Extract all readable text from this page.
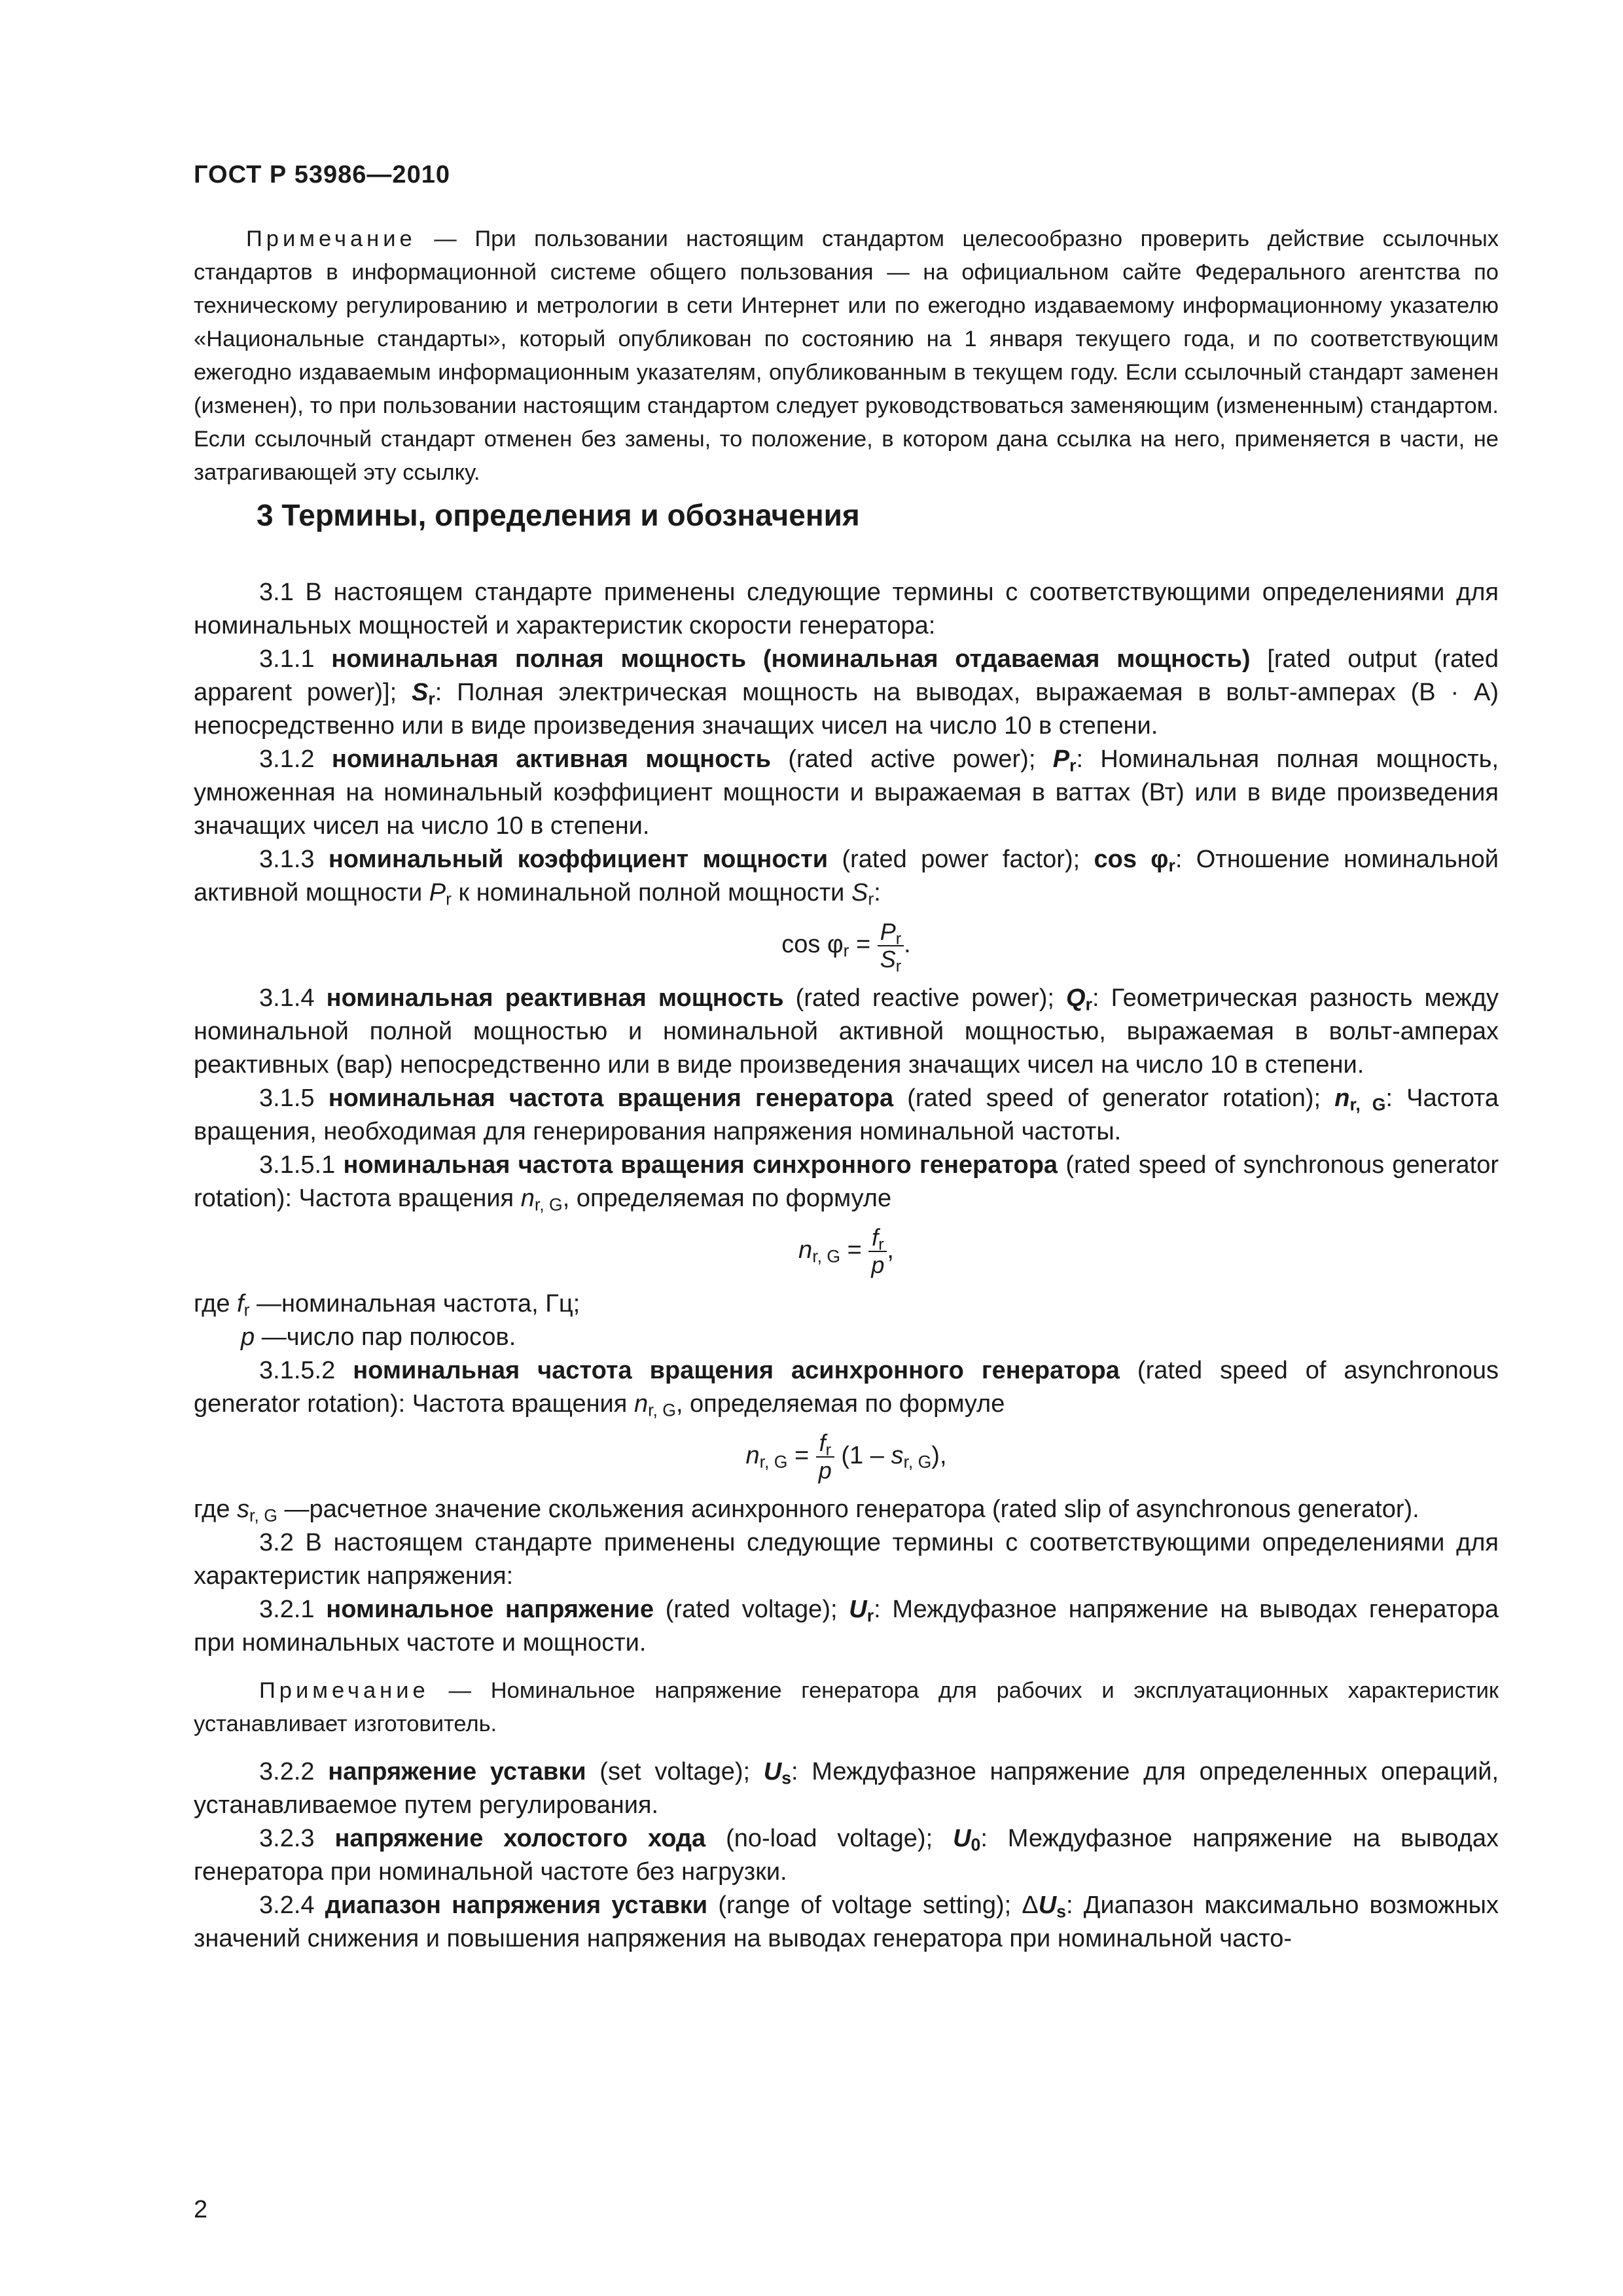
ГОСТ Р 53986—2010
Примечание — При пользовании настоящим стандартом целесообразно проверить действие ссылочных стандартов в информационной системе общего пользования — на официальном сайте Федерального агентства по техническому регулированию и метрологии в сети Интернет или по ежегодно издаваемому информационному указателю «Национальные стандарты», который опубликован по состоянию на 1 января текущего года, и по соответствующим ежегодно издаваемым информационным указателям, опубликованным в текущем году. Если ссылочный стандарт заменен (изменен), то при пользовании настоящим стандартом следует руководствоваться заменяющим (измененным) стандартом. Если ссылочный стандарт отменен без замены, то положение, в котором дана ссылка на него, применяется в части, не затрагивающей эту ссылку.
3 Термины, определения и обозначения

3.1 В настоящем стандарте применены следующие термины с соответствующими определениями для номинальных мощностей и характеристик скорости генератора:

3.1.1 номинальная полная мощность (номинальная отдаваемая мощность) [rated output (rated apparent power)]; $S_r$: Полная электрическая мощность на выводах, выражаемая в вольт-амперах (В · А) непосредственно или в виде произведения значащих чисел на число 10 в степени.

3.1.2 номинальная активная мощность (rated active power); $P_r$: Номинальная полная мощность, умноженная на номинальный коэффициент мощности и выражаемая в ваттах (Вт) или в виде произведения значащих чисел на число 10 в степени.

3.1.3 номинальный коэффициент мощности (rated power factor); $\cos \varphi_r$: Отношение номинальной активной мощности $P_r$ к номинальной полной мощности $S_r$:

$\cos \varphi_r = \frac{P_r}{S_r}$ .

3.1.4 номинальная реактивная мощность (rated reactive power); $Q_r$: Геометрическая разность между номинальной полной мощностью и номинальной активной мощностью, выражаемая в вольт-амперах реактивных (вар) непосредственно или в виде произведения значащих чисел на число 10 в степени.

3.1.5 номинальная частота вращения генератора (rated speed of generator rotation); $n_{r, G}$: Частота вращения, необходимая для генерирования напряжения номинальной частоты.

3.1.5.1 номинальная частота вращения синхронного генератора (rated speed of synchronous generator rotation): Частота вращения $n_{r, G}$, определяемая по формуле

$n_{r, G} = \frac{f_r}{p}$ ,
где $f_r$ — номинальная частота, Гц;
p — число пар полюсов.

3.1.5.2 номинальная частота вращения асинхронного генератора (rated speed of asynchronous generator rotation): Частота вращения $n_{r, G}$, определяемая по формуле

$n_{r, G} = \frac{f_r}{p} (1 - s_{r, G})$,
где $s_{r, G}$ — расчетное значение скольжения асинхронного генератора (rated slip of asynchronous generator).

3.2 В настоящем стандарте применены следующие термины с соответствующими определениями для характеристик напряжения:

3.2.1 номинальное напряжение (rated voltage); $U_r$: Междуфазное напряжение на выводах генератора при номинальных частоте и мощности.

Примечание — Номинальное напряжение генератора для рабочих и эксплуатационных характеристик устанавливает изготовитель.

3.2.2 напряжение уставки (set voltage); $U_s$: Междуфазное напряжение для определенных операций, устанавливаемое путем регулирования.

3.2.3 напряжение холостого хода (no-load voltage); $U_0$: Междуфазное напряжение на выводах генератора при номинальной частоте без нагрузки.

3.2.4 диапазон напряжения уставки (range of voltage setting); $\Delta U_s$: Диапазон максимально возможных значений снижения и повышения напряжения на выводах генератора при номинальной часто-

2
